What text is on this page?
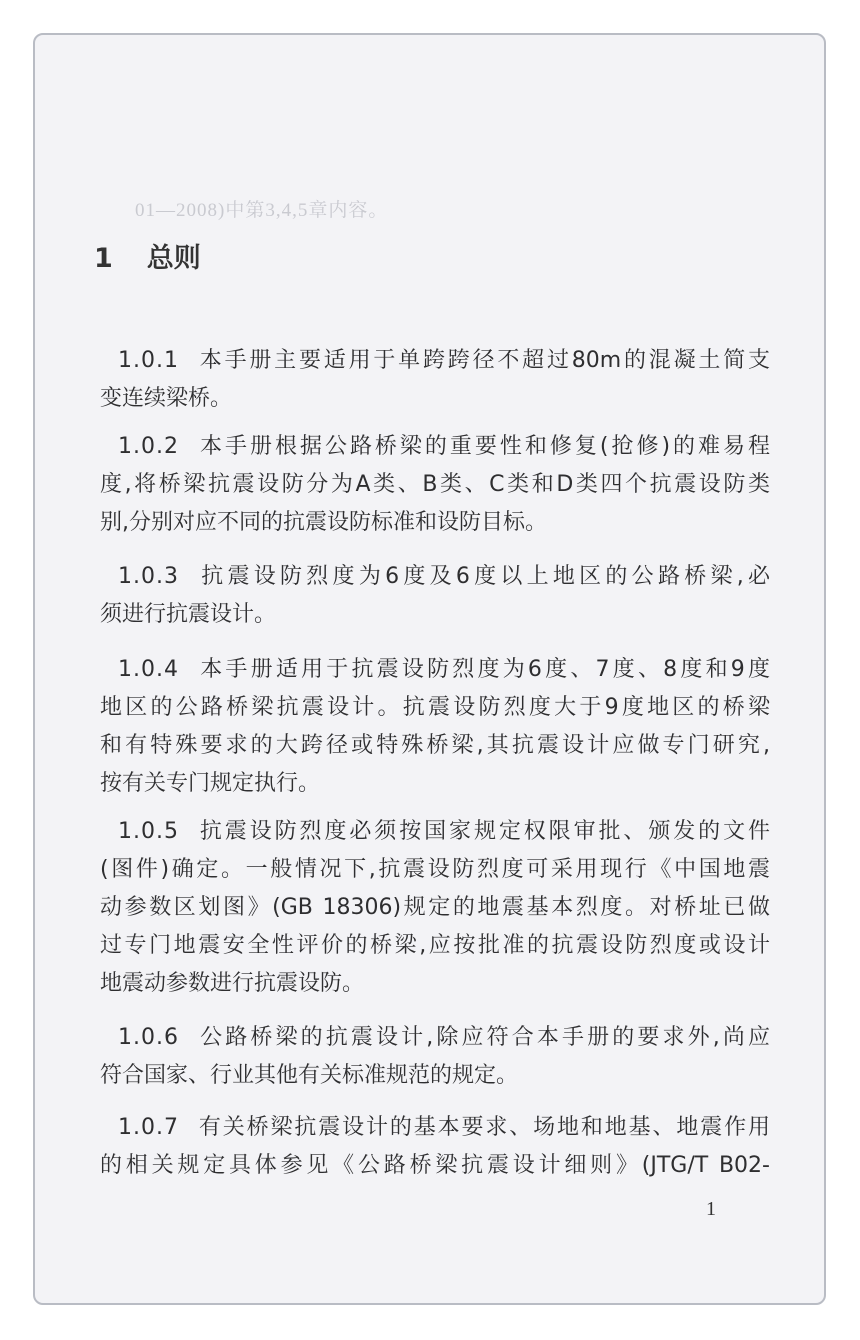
01—2008)中第3,4,5章内容。
1 总则
1.0.1 本手册主要适用于单跨跨径不超过80m的混凝土简支
变连续梁桥。
1.0.2 本手册根据公路桥梁的重要性和修复(抢修)的难易程
度,将桥梁抗震设防分为A类、B类、C类和D类四个抗震设防类
别,分别对应不同的抗震设防标准和设防目标。
1.0.3 抗震设防烈度为6度及6度以上地区的公路桥梁,必
须进行抗震设计。
1.0.4 本手册适用于抗震设防烈度为6度、7度、8度和9度
地区的公路桥梁抗震设计。抗震设防烈度大于9度地区的桥梁
和有特殊要求的大跨径或特殊桥梁,其抗震设计应做专门研究,
按有关专门规定执行。
1.0.5 抗震设防烈度必须按国家规定权限审批、颁发的文件
(图件)确定。一般情况下,抗震设防烈度可采用现行《中国地震
动参数区划图》(GB 18306)规定的地震基本烈度。对桥址已做
过专门地震安全性评价的桥梁,应按批准的抗震设防烈度或设计
地震动参数进行抗震设防。
1.0.6 公路桥梁的抗震设计,除应符合本手册的要求外,尚应
符合国家、行业其他有关标准规范的规定。
1.0.7 有关桥梁抗震设计的基本要求、场地和地基、地震作用
的相关规定具体参见《公路桥梁抗震设计细则》(JTG/T B02-
1
